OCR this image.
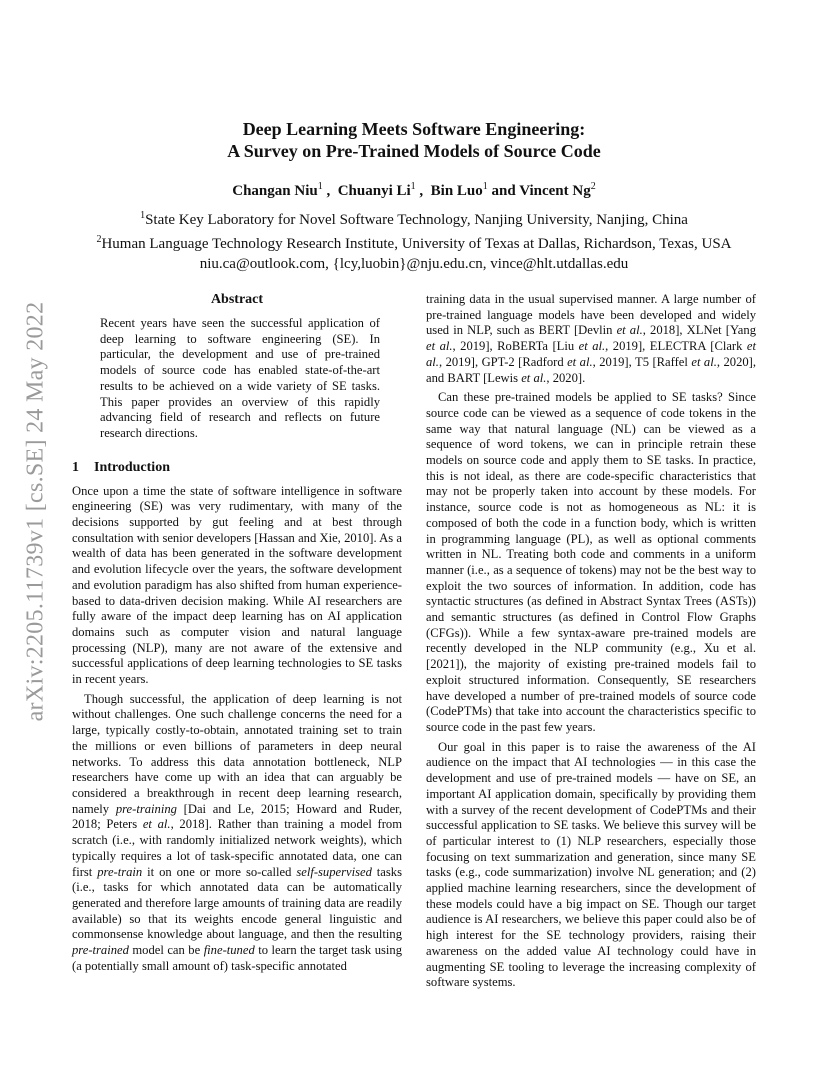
arXiv:2205.11739v1 [cs.SE] 24 May 2022
Deep Learning Meets Software Engineering:
A Survey on Pre-Trained Models of Source Code
Changan Niu$^1$ ,  Chuanyi Li$^1$ ,  Bin Luo$^1$ and Vincent Ng$^2$
$^1$State Key Laboratory for Novel Software Technology, Nanjing University, Nanjing, China
$^2$Human Language Technology Research Institute, University of Texas at Dallas, Richardson, Texas, USA
niu.ca@outlook.com, {lcy,luobin}@nju.edu.cn, vince@hlt.utdallas.edu
Abstract

Recent years have seen the successful application of deep learning to software engineering (SE). In particular, the development and use of pre-trained models of source code has enabled state-of-the-art results to be achieved on a wide variety of SE tasks. This paper provides an overview of this rapidly advancing field of research and reflects on future research directions.

1 Introduction

Once upon a time the state of software intelligence in software engineering (SE) was very rudimentary, with many of the decisions supported by gut feeling and at best through consultation with senior developers [Hassan and Xie, 2010]. As a wealth of data has been generated in the software development and evolution lifecycle over the years, the software development and evolution paradigm has also shifted from human experience-based to data-driven decision making. While AI researchers are fully aware of the impact deep learning has on AI application domains such as computer vision and natural language processing (NLP), many are not aware of the extensive and successful applications of deep learning technologies to SE tasks in recent years.

Though successful, the application of deep learning is not without challenges. One such challenge concerns the need for a large, typically costly-to-obtain, annotated training set to train the millions or even billions of parameters in deep neural networks. To address this data annotation bottleneck, NLP researchers have come up with an idea that can arguably be considered a breakthrough in recent deep learning research, namely pre-training [Dai and Le, 2015; Howard and Ruder, 2018; Peters et al., 2018]. Rather than training a model from scratch (i.e., with randomly initialized network weights), which typically requires a lot of task-specific annotated data, one can first pre-train it on one or more so-called self-supervised tasks (i.e., tasks for which annotated data can be automatically generated and therefore large amounts of training data are readily available) so that its weights encode general linguistic and commonsense knowledge about language, and then the resulting pre-trained model can be fine-tuned to learn the target task using (a potentially small amount of) task-specific annotated

training data in the usual supervised manner. A large number of pre-trained language models have been developed and widely used in NLP, such as BERT [Devlin et al., 2018], XLNet [Yang et al., 2019], RoBERTa [Liu et al., 2019], ELECTRA [Clark et al., 2019], GPT-2 [Radford et al., 2019], T5 [Raffel et al., 2020], and BART [Lewis et al., 2020].

Can these pre-trained models be applied to SE tasks? Since source code can be viewed as a sequence of code tokens in the same way that natural language (NL) can be viewed as a sequence of word tokens, we can in principle retrain these models on source code and apply them to SE tasks. In practice, this is not ideal, as there are code-specific characteristics that may not be properly taken into account by these models. For instance, source code is not as homogeneous as NL: it is composed of both the code in a function body, which is written in programming language (PL), as well as optional comments written in NL. Treating both code and comments in a uniform manner (i.e., as a sequence of tokens) may not be the best way to exploit the two sources of information. In addition, code has syntactic structures (as defined in Abstract Syntax Trees (ASTs)) and semantic structures (as defined in Control Flow Graphs (CFGs)). While a few syntax-aware pre-trained models are recently developed in the NLP community (e.g., Xu et al. [2021]), the majority of existing pre-trained models fail to exploit structured information. Consequently, SE researchers have developed a number of pre-trained models of source code (CodePTMs) that take into account the characteristics specific to source code in the past few years.

Our goal in this paper is to raise the awareness of the AI audience on the impact that AI technologies — in this case the development and use of pre-trained models — have on SE, an important AI application domain, specifically by providing them with a survey of the recent development of CodePTMs and their successful application to SE tasks. We believe this survey will be of particular interest to (1) NLP researchers, especially those focusing on text summarization and generation, since many SE tasks (e.g., code summarization) involve NL generation; and (2) applied machine learning researchers, since the development of these models could have a big impact on SE. Though our target audience is AI researchers, we believe this paper could also be of high interest for the SE technology providers, raising their awareness on the added value AI technology could have in augmenting SE tooling to leverage the increasing complexity of software systems.
